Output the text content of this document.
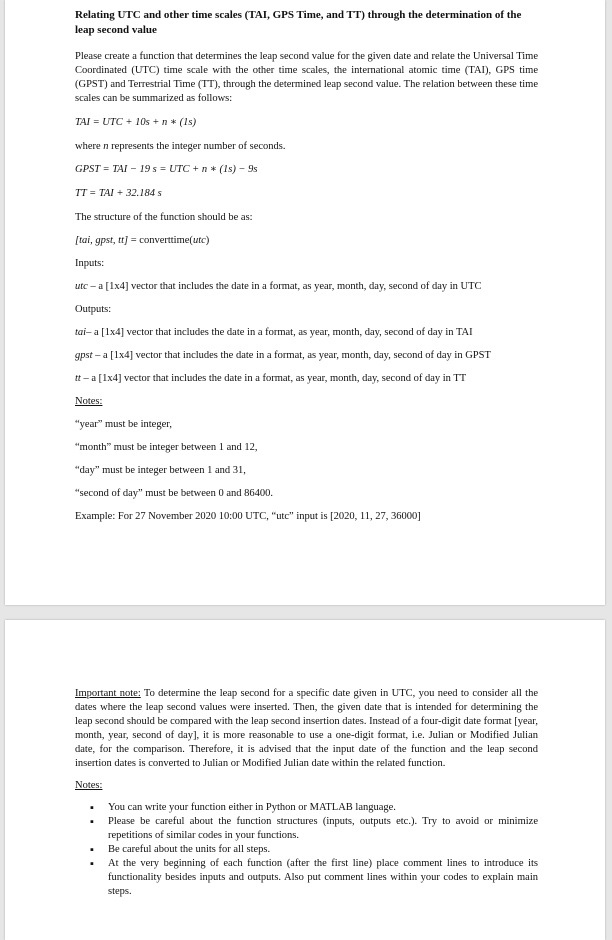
Relating UTC and other time scales (TAI, GPS Time, and TT) through the determination of the leap second value
Please create a function that determines the leap second value for the given date and relate the Universal Time Coordinated (UTC) time scale with the other time scales, the international atomic time (TAI), GPS time (GPST) and Terrestrial Time (TT), through the determined leap second value. The relation between these time scales can be summarized as follows:

TAI = UTC + 10s + n ∗ (1s)

where n represents the integer number of seconds.

GPST = TAI − 19 s = UTC + n ∗ (1s) − 9s

TT = TAI + 32.184 s

The structure of the function should be as:

[tai, gpst, tt] = converttime(utc)

Inputs:

utc – a [1x4] vector that includes the date in a format, as year, month, day, second of day in UTC

Outputs:

tai– a [1x4] vector that includes the date in a format, as year, month, day, second of day in TAI

gpst – a [1x4] vector that includes the date in a format, as year, month, day, second of day in GPST

tt – a [1x4] vector that includes the date in a format, as year, month, day, second of day in TT

Notes:

“year” must be integer,

“month” must be integer between 1 and 12,

“day” must be integer between 1 and 31,

“second of day” must be between 0 and 86400.

Example: For 27 November 2020 10:00 UTC, “utc” input is [2020, 11, 27, 36000]

Important note: To determine the leap second for a specific date given in UTC, you need to consider all the dates where the leap second values were inserted. Then, the given date that is intended for determining the leap second should be compared with the leap second insertion dates. Instead of a four-digit date format [year, month, year, second of day], it is more reasonable to use a one-digit format, i.e. Julian or Modified Julian date, for the comparison. Therefore, it is advised that the input date of the function and the leap second insertion dates is converted to Julian or Modified Julian date within the related function.

Notes:

▪ You can write your function either in Python or MATLAB language.
▪ Please be careful about the function structures (inputs, outputs etc.). Try to avoid or minimize repetitions of similar codes in your functions.
▪ Be careful about the units for all steps.
▪ At the very beginning of each function (after the first line) place comment lines to introduce its functionality besides inputs and outputs. Also put comment lines within your codes to explain main steps.
